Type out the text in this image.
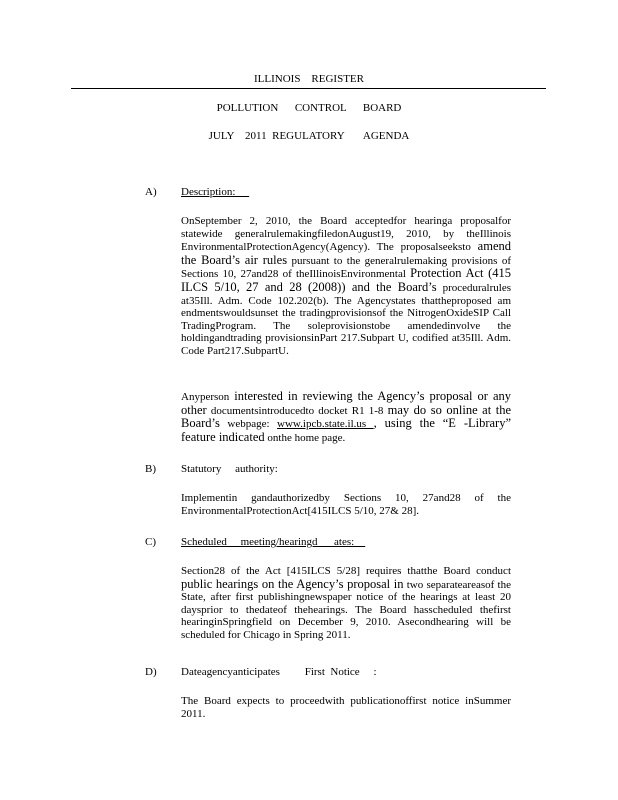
ILLINOIS    REGISTER
POLLUTION      CONTROL      BOARD
JULY    2011  REGULATORY       AGENDA
A) Description:
OnSeptember 2, 2010, the Board acceptedfor hearinga proposalfor statewide generalrulemakingfiledonAugust19, 2010, by theIllinois EnvironmentalProtectionAgency(Agency). The proposalseeksto amend the Board’s air rules pursuant to the generalrulemaking provisions of Sections 10, 27and28 of theIllinoisEnvironmental Protection Act (415 ILCS 5/10, 27 and 28 (2008)) and the Board’s proceduralrules at35Ill. Adm. Code 102.202(b). The Agencystates thattheproposed am endmentswouldsunset the tradingprovisionsof the NitrogenOxideSIP Call TradingProgram. The soleprovisionstobe amendedinvolve the holdingandtrading provisionsinPart 217.Subpart U, codified at35Ill. Adm. Code Part217.SubpartU.
Anyperson interested in reviewing the Agency’s proposal or any other documentsintroducedto docket R1 1-8 may do so online at the Board’s webpage: www.ipcb.state.il.us , using the “E -Library” feature indicated onthe home page.
B) Statutory     authority:
Implementin gandauthorizedby Sections 10, 27and28 of the EnvironmentalProtectionAct[415ILCS 5/10, 27& 28].
C) Scheduled     meeting/hearingd      ates:
Section28 of the Act [415ILCS 5/28] requires thatthe Board conduct public hearings on the Agency’s proposal in two separateareasof the State, after first publishingnewspaper notice of the hearings at least 20 daysprior to thedateof thehearings. The Board hasscheduled thefirst hearinginSpringfield on December 9, 2010. Asecondhearing will be scheduled for Chicago in Spring 2011.
D) Dateagencyanticipates         First  Notice     :
The Board expects to proceedwith publicationoffirst notice inSummer 2011.
